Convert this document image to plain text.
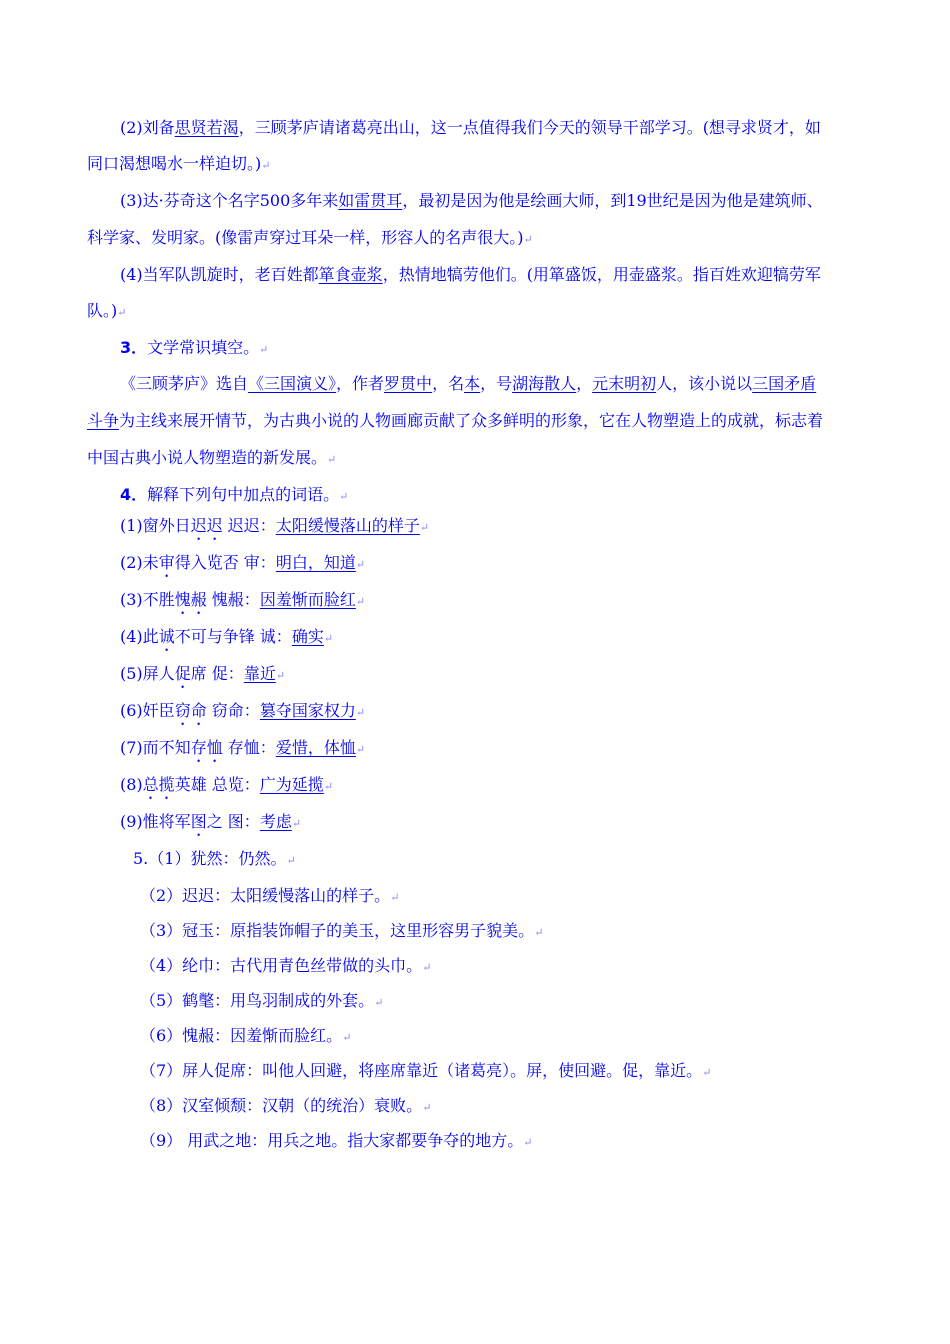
(2)刘备思贤若渴，三顾茅庐请诸葛亮出山，这一点值得我们今天的领导干部学习。(想寻求贤才，如
同口渴想喝水一样迫切。)↵
(3)达·芬奇这个名字500多年来如雷贯耳，最初是因为他是绘画大师，到19世纪是因为他是建筑师、
科学家、发明家。(像雷声穿过耳朵一样，形容人的名声很大。)↵
(4)当军队凯旋时，老百姓都箪食壶浆，热情地犒劳他们。(用箪盛饭，用壶盛浆。指百姓欢迎犒劳军
队。)↵
3．文学常识填空。↵
《三顾茅庐》选自《三国演义》，作者罗贯中，名本，号湖海散人，元末明初人，该小说以三国矛盾
斗争为主线来展开情节，为古典小说的人物画廊贡献了众多鲜明的形象，它在人物塑造上的成就，标志着
中国古典小说人物塑造的新发展。↵
4．解释下列句中加点的词语。↵
(1)窗外日迟迟 迟迟：太阳缓慢落山的样子↵
(2)未审得入览否 审：明白，知道↵
(3)不胜愧赧 愧赧：因羞惭而脸红↵
(4)此诚不可与争锋 诚：确实↵
(5)屏人促席 促：靠近↵
(6)奸臣窃命 窃命：篡夺国家权力↵
(7)而不知存恤 存恤：爱惜，体恤↵
(8)总揽英雄 总览：广为延揽↵
(9)惟将军图之 图：考虑↵
5.（1）犹然：仍然。↵
（2）迟迟：太阳缓慢落山的样子。↵
（3）冠玉：原指装饰帽子的美玉，这里形容男子貌美。↵
（4）纶巾：古代用青色丝带做的头巾。↵
（5）鹤氅：用鸟羽制成的外套。↵
（6）愧赧：因羞惭而脸红。↵
（7）屏人促席：叫他人回避，将座席靠近（诸葛亮）。屏，使回避。促，靠近。↵
（8）汉室倾颓：汉朝（的统治）衰败。↵
（9） 用武之地：用兵之地。指大家都要争夺的地方。↵
